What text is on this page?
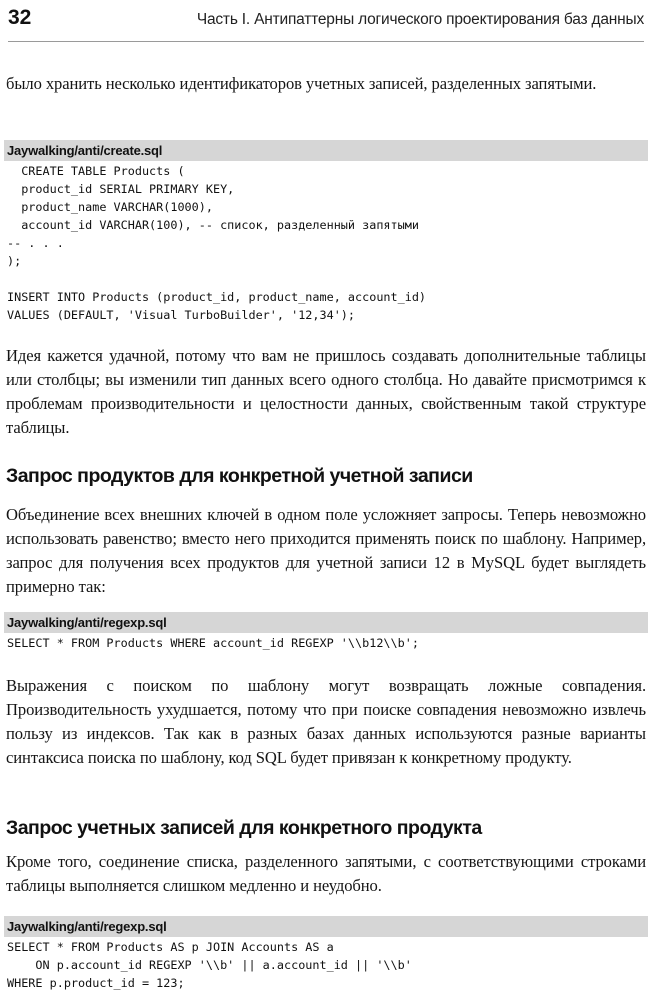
32	Часть I. Антипаттерны логического проектирования баз данных

было хранить несколько идентификаторов учетных записей, разделенных запятыми.

Jaywalking/anti/create.sql
CREATE TABLE Products (
product_id SERIAL PRIMARY KEY,
product_name VARCHAR(1000),
account_id VARCHAR(100), -- список, разделенный запятыми
-- . . .
);

INSERT INTO Products (product_id, product_name, account_id)
VALUES (DEFAULT, 'Visual TurboBuilder', '12,34');

Идея кажется удачной, потому что вам не пришлось создавать дополнительные таблицы или столбцы; вы изменили тип данных всего одного столбца. Но давайте присмотримся к проблемам производительности и целостности данных, свойственным такой структуре таблицы.

Запрос продуктов для конкретной учетной записи

Объединение всех внешних ключей в одном поле усложняет запросы. Теперь невозможно использовать равенство; вместо него приходится применять поиск по шаблону. Например, запрос для получения всех продуктов для учетной записи 12 в MySQL будет выглядеть примерно так:

Jaywalking/anti/regexp.sql
SELECT * FROM Products WHERE account_id REGEXP '\\b12\\b';

Выражения с поиском по шаблону могут возвращать ложные совпадения. Производительность ухудшается, потому что при поиске совпадения невозможно извлечь пользу из индексов. Так как в разных базах данных используются разные варианты синтаксиса поиска по шаблону, код SQL будет привязан к конкретному продукту.

Запрос учетных записей для конкретного продукта

Кроме того, соединение списка, разделенного запятыми, с соответствующими строками таблицы выполняется слишком медленно и неудобно.

Jaywalking/anti/regexp.sql
SELECT * FROM Products AS p JOIN Accounts AS a
ON p.account_id REGEXP '\\b' || a.account_id || '\\b'
WHERE p.product_id = 123;
